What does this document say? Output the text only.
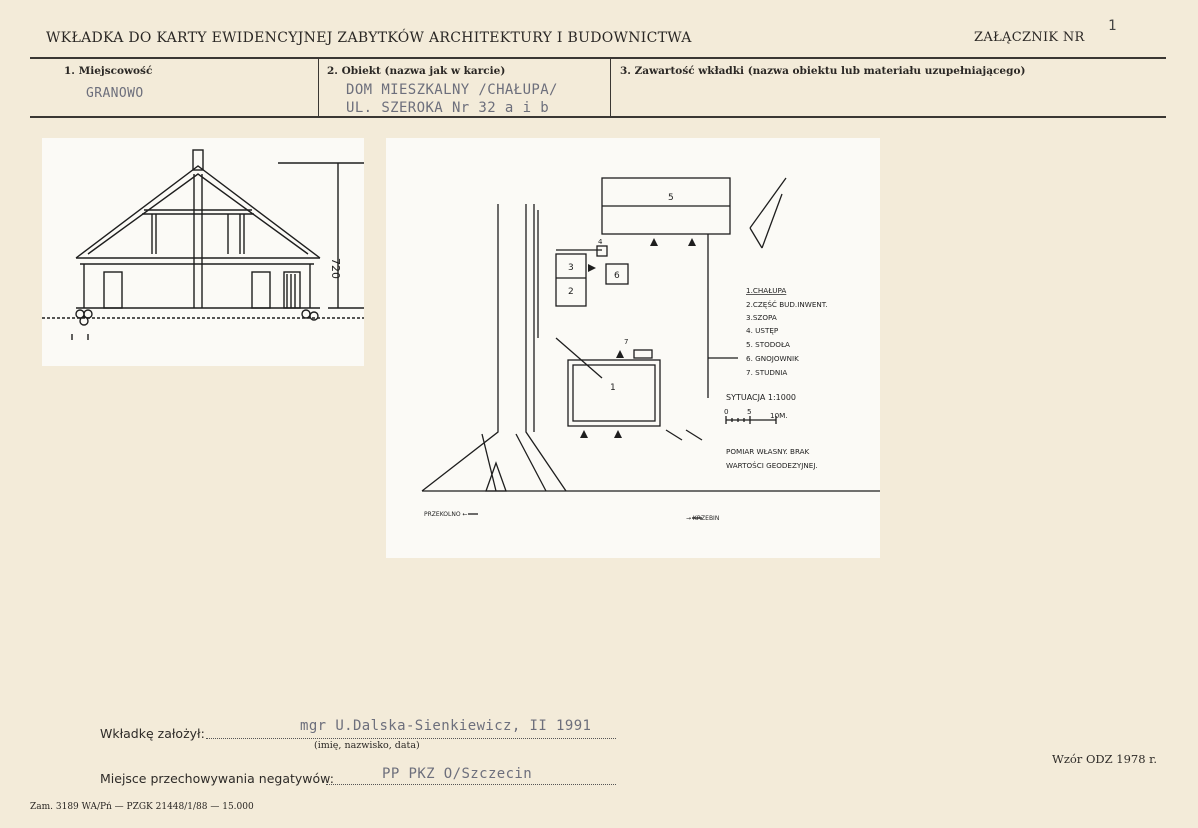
WKŁADKA DO KARTY EWIDENCYJNEJ ZABYTKÓW ARCHITEKTURY I BUDOWNICTWA	ZAŁĄCZNIK NR
1
1. Miejscowość
GRANOWO
2. Obiekt (nazwa jak w karcie)
DOM MIESZKALNY /CHAŁUPA/
UL. SZEROKA Nr 32 a i b
3. Zawartość wkładki (nazwa obiektu lub materiału uzupełniającego)
720
5
4
3
2
6
7
1
1.CHAŁUPA
2.CZĘŚĆ BUD.INWENT.
3.SZOPA
4. USTĘP
5. STODOŁA
6. GNOJOWNIK
7. STUDNIA
SYTUACJA 1:1000
0	5	10M.
POMIAR WŁASNY. BRAK
WARTOŚCI GEODEZYJNEJ.
PRZEKOLNO ←
→ KRZEBIN
Wkładkę założył:	mgr U.Dalska-Sienkiewicz, II 1991
(imię, nazwisko, data)
Miejsce przechowywania negatywów:	PP PKZ O/Szczecin
Wzór ODZ 1978 r.
Zam. 3189 WA/Pń — PZGK 21448/1/88 — 15.000
